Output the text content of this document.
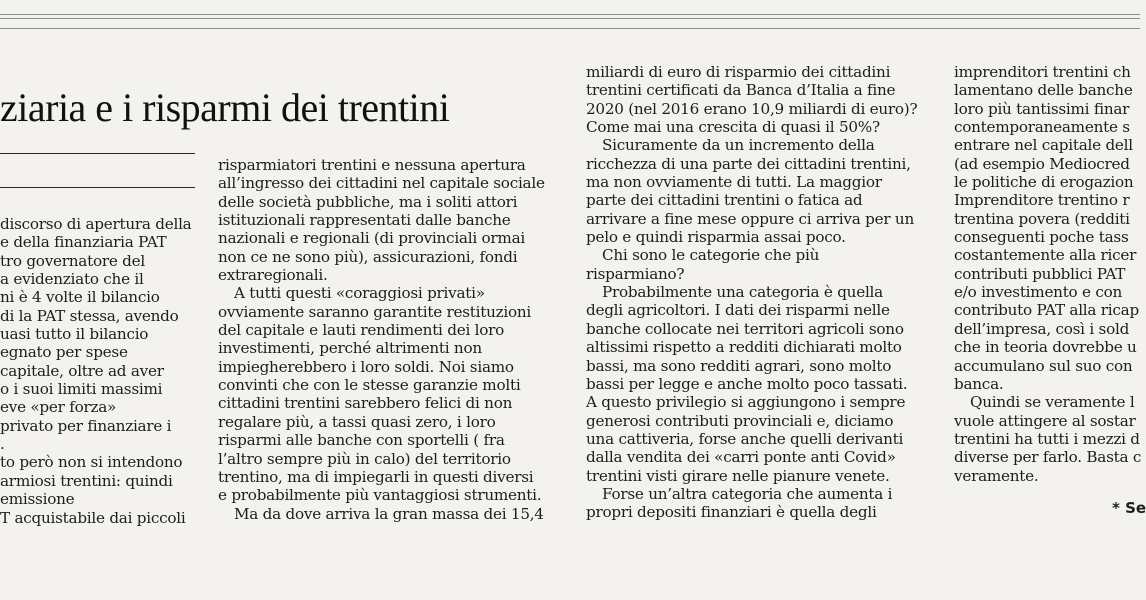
ziaria e i risparmi dei trentini
discorso di apertura della
e della finanziaria PAT
tro governatore del
a evidenziato che il
ni è 4 volte il bilancio
di la PAT stessa, avendo
uasi tutto il bilancio
egnato per spese
capitale, oltre ad aver
o i suoi limiti massimi
eve «per forza»
privato per finanziare i
.
to però non si intendono
armiosi trentini: quindi
emissione
T acquistabile dai piccoli
risparmiatori trentini e nessuna apertura
all’ingresso dei cittadini nel capitale sociale
delle società pubbliche, ma i soliti attori
istituzionali rappresentati dalle banche
nazionali e regionali (di provinciali ormai
non ce ne sono più), assicurazioni, fondi
extraregionali.
A tutti questi «coraggiosi privati»
ovviamente saranno garantite restituzioni
del capitale e lauti rendimenti dei loro
investimenti, perché altrimenti non
impiegherebbero i loro soldi. Noi siamo
convinti che con le stesse garanzie molti
cittadini trentini sarebbero felici di non
regalare più, a tassi quasi zero, i loro
risparmi alle banche con sportelli ( fra
l’altro sempre più in calo) del territorio
trentino, ma di impiegarli in questi diversi
e probabilmente più vantaggiosi strumenti.
Ma da dove arriva la gran massa dei 15,4
miliardi di euro di risparmio dei cittadini
trentini certificati da Banca d’Italia a fine
2020 (nel 2016 erano 10,9 miliardi di euro)?
Come mai una crescita di quasi il 50%?
Sicuramente da un incremento della
ricchezza di una parte dei cittadini trentini,
ma non ovviamente di tutti. La maggior
parte dei cittadini trentini o fatica ad
arrivare a fine mese oppure ci arriva per un
pelo e quindi risparmia assai poco.
Chi sono le categorie che più
risparmiano?
Probabilmente una categoria è quella
degli agricoltori. I dati dei risparmi nelle
banche collocate nei territori agricoli sono
altissimi rispetto a redditi dichiarati molto
bassi, ma sono redditi agrari, sono molto
bassi per legge e anche molto poco tassati.
A questo privilegio si aggiungono i sempre
generosi contributi provinciali e, diciamo
una cattiveria, forse anche quelli derivanti
dalla vendita dei «carri ponte anti Covid»
trentini visti girare nelle pianure venete.
Forse un’altra categoria che aumenta i
propri depositi finanziari è quella degli
imprenditori trentini ch
lamentano delle banche
loro più tantissimi finar
contemporaneamente s
entrare nel capitale dell
(ad esempio Mediocred
le politiche di erogazion
Imprenditore trentino r
trentina povera (redditi
conseguenti poche tass
costantemente alla ricer
contributi pubblici PAT
e/o investimento e con
contributo PAT alla ricap
dell’impresa, così i sold
che in teoria dovrebbe u
accumulano sul suo con
banca.
Quindi se veramente l
vuole attingere al sostar
trentini ha tutti i mezzi d
diverse per farlo. Basta c
veramente.
* Se
